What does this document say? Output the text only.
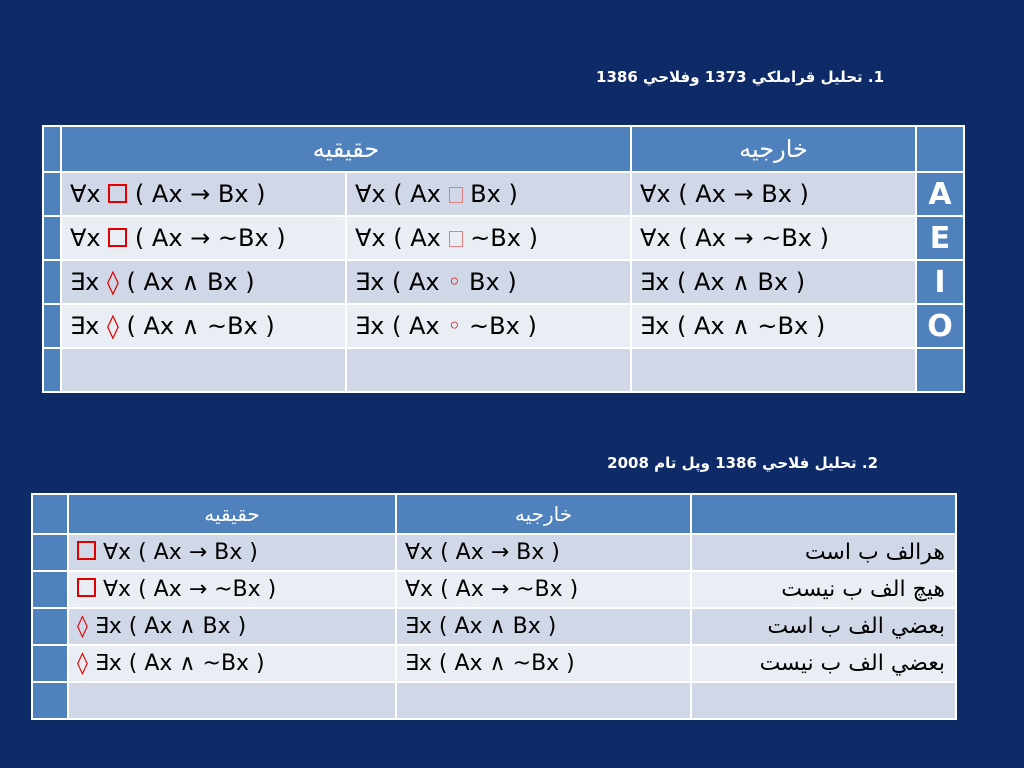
1. تحليل قراملكي 1373 وفلاحي 1386
	حقيقيه		خارجيه	
	∀x ( Ax → Bx )	∀x ( Ax Bx )	∀x ( Ax → Bx )	A
	∀x ( Ax → ~Bx )	∀x ( Ax ~Bx )	∀x ( Ax → ~Bx )	E
	∃x ◊ ( Ax ∧ Bx )	∃x ( Ax ◦ Bx )	∃x ( Ax ∧ Bx )	I
	∃x ◊ ( Ax ∧ ~Bx )	∃x ( Ax ◦ ~Bx )	∃x ( Ax ∧ ~Bx )	O

2. تحليل فلاحي 1386 وپل تام 2008
	حقيقيه	خارجيه	
	∀x ( Ax → Bx )	∀x ( Ax → Bx )	هرالف ب است
	∀x ( Ax → ~Bx )	∀x ( Ax → ~Bx )	هيچ الف ب نيست
	◊ ∃x ( Ax ∧ Bx )	∃x ( Ax ∧ Bx )	بعضي الف ب است
	◊ ∃x ( Ax ∧ ~Bx )	∃x ( Ax ∧ ~Bx )	بعضي الف ب نيست
